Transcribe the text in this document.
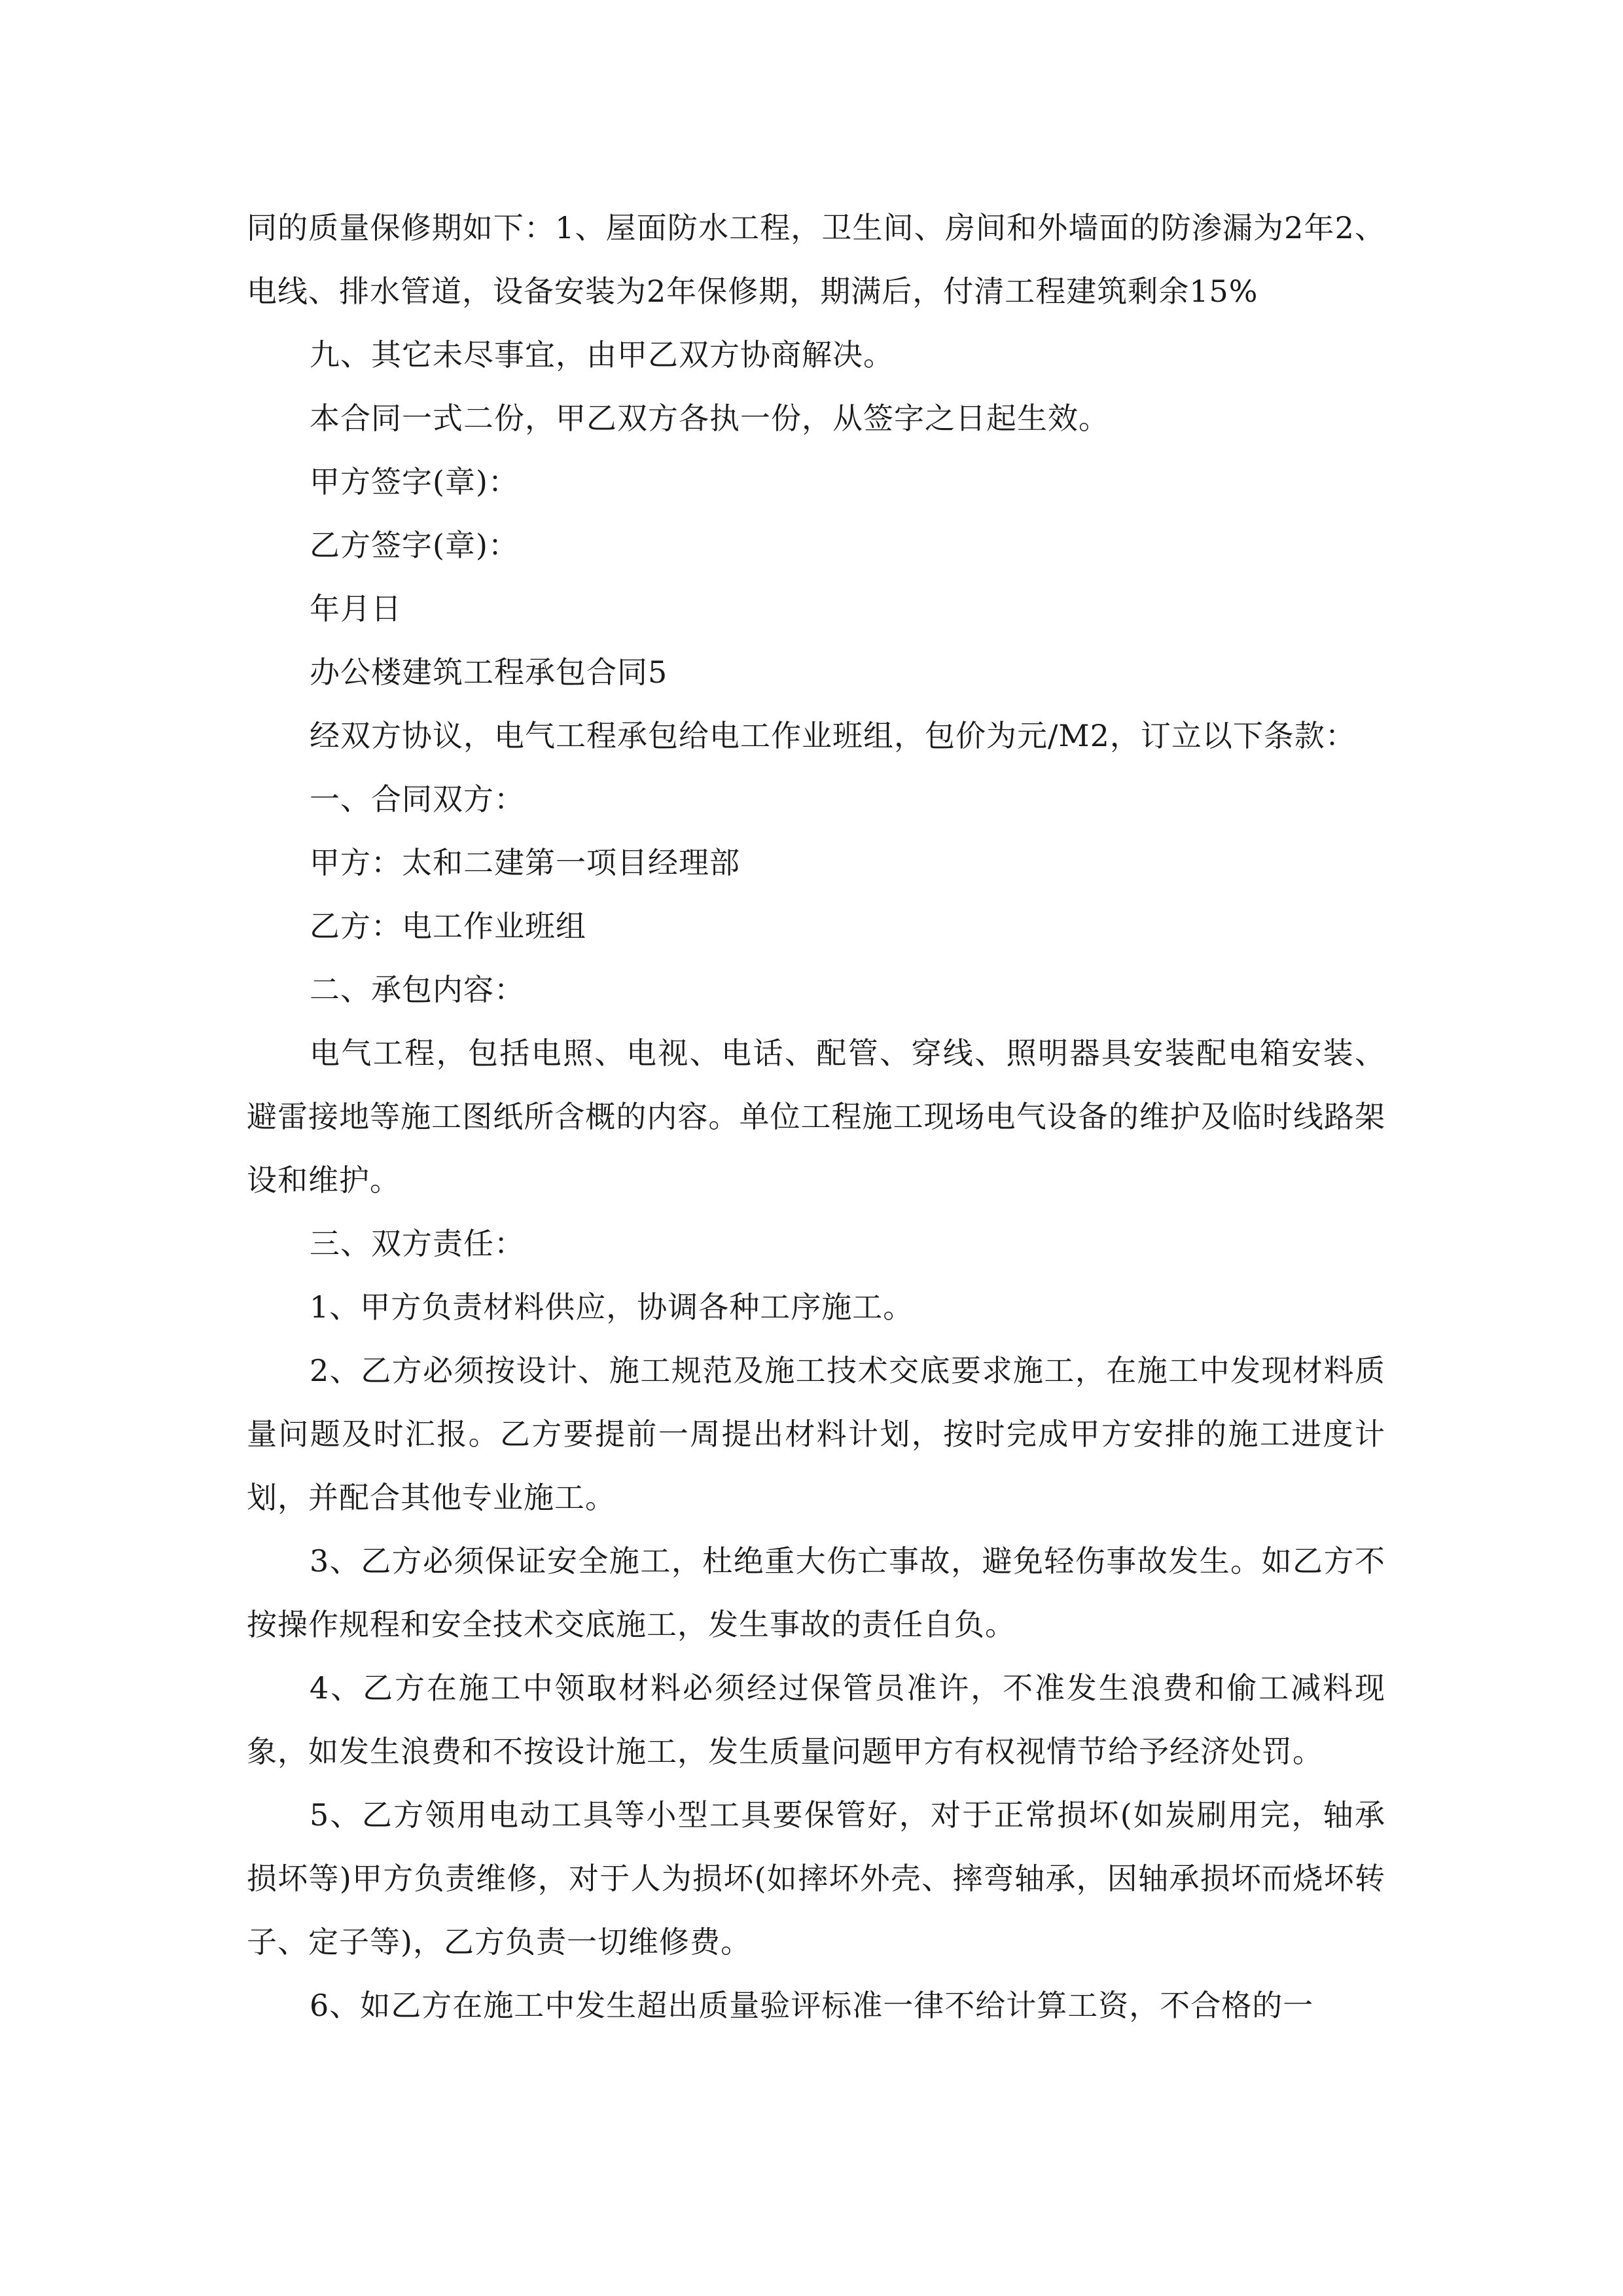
同的质量保修期如下：1、屋面防水工程，卫生间、房间和外墙面的防渗漏为2年2、电线、排水管道，设备安装为2年保修期，期满后，付清工程建筑剩余15%

九、其它未尽事宜，由甲乙双方协商解决。

本合同一式二份，甲乙双方各执一份，从签字之日起生效。

甲方签字(章)：

乙方签字(章)：

年月日

办公楼建筑工程承包合同5

经双方协议，电气工程承包给电工作业班组，包价为元/M2，订立以下条款：

一、合同双方：

甲方：太和二建第一项目经理部

乙方：电工作业班组

二、承包内容：

电气工程，包括电照、电视、电话、配管、穿线、照明器具安装配电箱安装、避雷接地等施工图纸所含概的内容。单位工程施工现场电气设备的维护及临时线路架设和维护。

三、双方责任：

1、甲方负责材料供应，协调各种工序施工。

2、乙方必须按设计、施工规范及施工技术交底要求施工，在施工中发现材料质量问题及时汇报。乙方要提前一周提出材料计划，按时完成甲方安排的施工进度计划，并配合其他专业施工。

3、乙方必须保证安全施工，杜绝重大伤亡事故，避免轻伤事故发生。如乙方不按操作规程和安全技术交底施工，发生事故的责任自负。

4、乙方在施工中领取材料必须经过保管员准许，不准发生浪费和偷工减料现象，如发生浪费和不按设计施工，发生质量问题甲方有权视情节给予经济处罚。

5、乙方领用电动工具等小型工具要保管好，对于正常损坏(如炭刷用完，轴承损坏等)甲方负责维修，对于人为损坏(如摔坏外壳、摔弯轴承，因轴承损坏而烧坏转子、定子等)，乙方负责一切维修费。

6、如乙方在施工中发生超出质量验评标准一律不给计算工资，不合格的一
